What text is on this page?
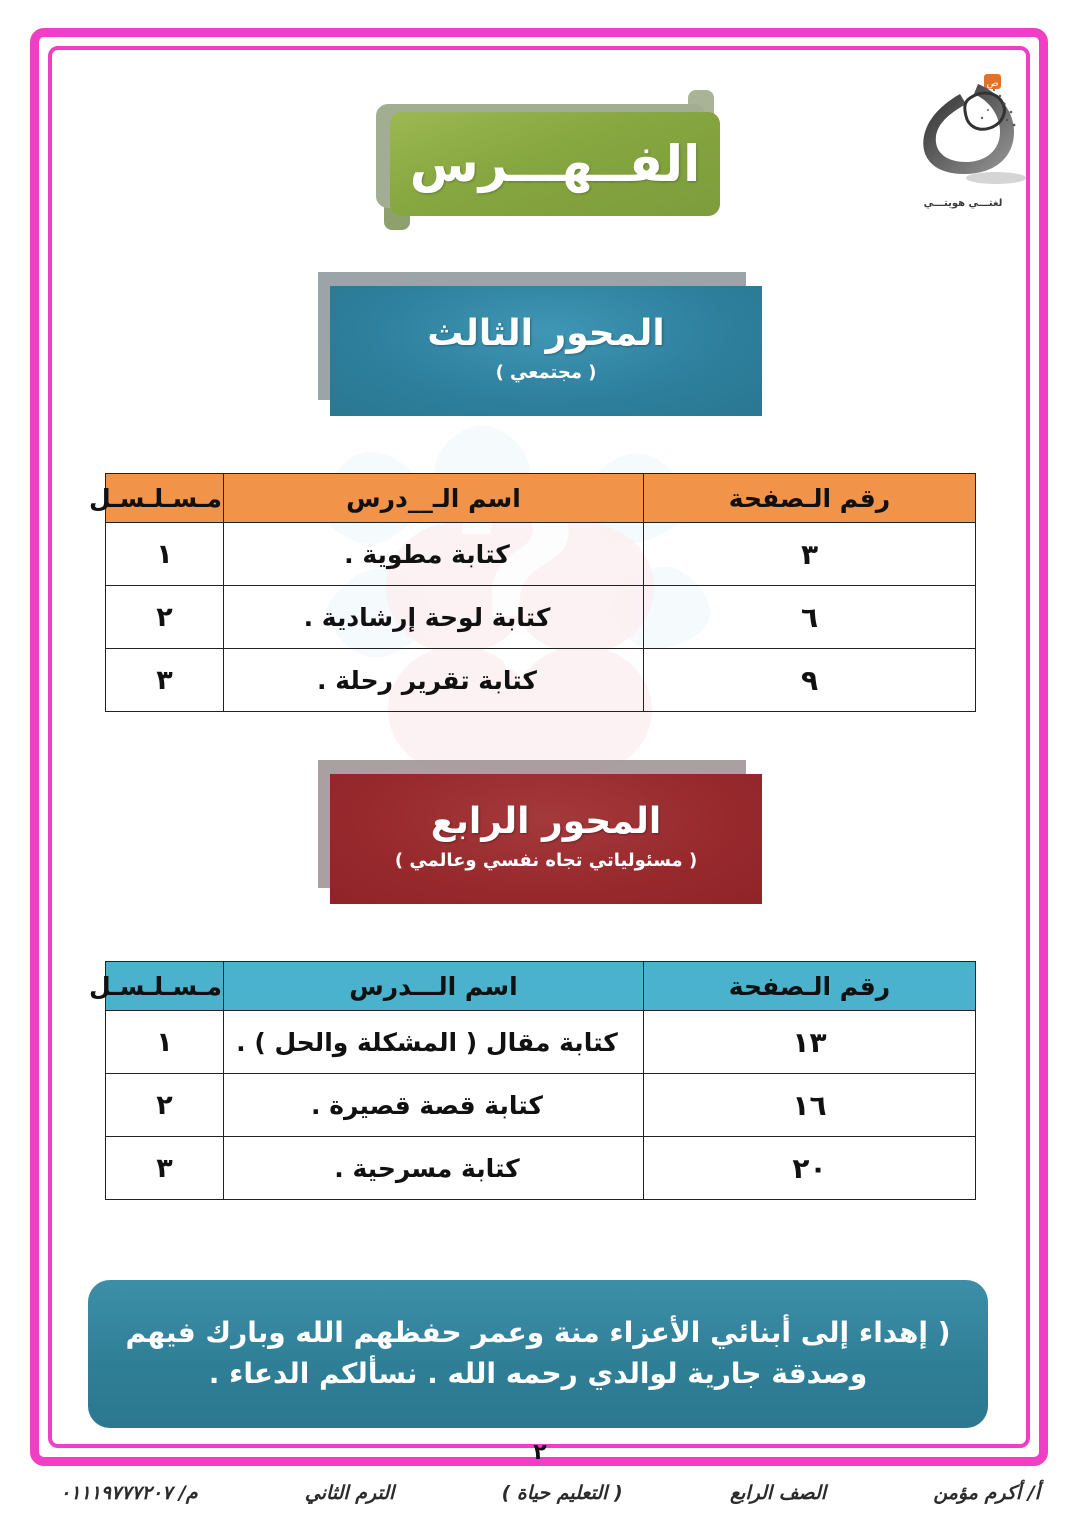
ص
لغتـــي هويتـــي
الفــهـــرس
المحور الثالث
( مجتمعي )
رقم الـصفحة	اسم الـ__درس	مـسـلـسـل
٣	كتابة مطوية .	١
٦	كتابة لوحة إرشادية .	٢
٩	كتابة تقرير رحلة .	٣
المحور الرابع
( مسئولياتي تجاه نفسي وعالمي )
رقم الـصفحة	اسم الـــدرس	مـسـلـسـل
١٣	كتابة مقال ( المشكلة والحل ) .	١
١٦	كتابة قصة قصيرة .	٢
٢٠	كتابة مسرحية .	٣
( إهداء إلى أبنائي الأعزاء منة وعمر حفظهم الله وبارك فيهم
وصدقة جارية لوالدي رحمه الله . نسألكم الدعاء .
٢
أ/ أكرم مؤمن
الصف الرابع
( التعليم حياة )
الترم الثاني
م/ ٠١١١٩٧٧٧٢٠٧
